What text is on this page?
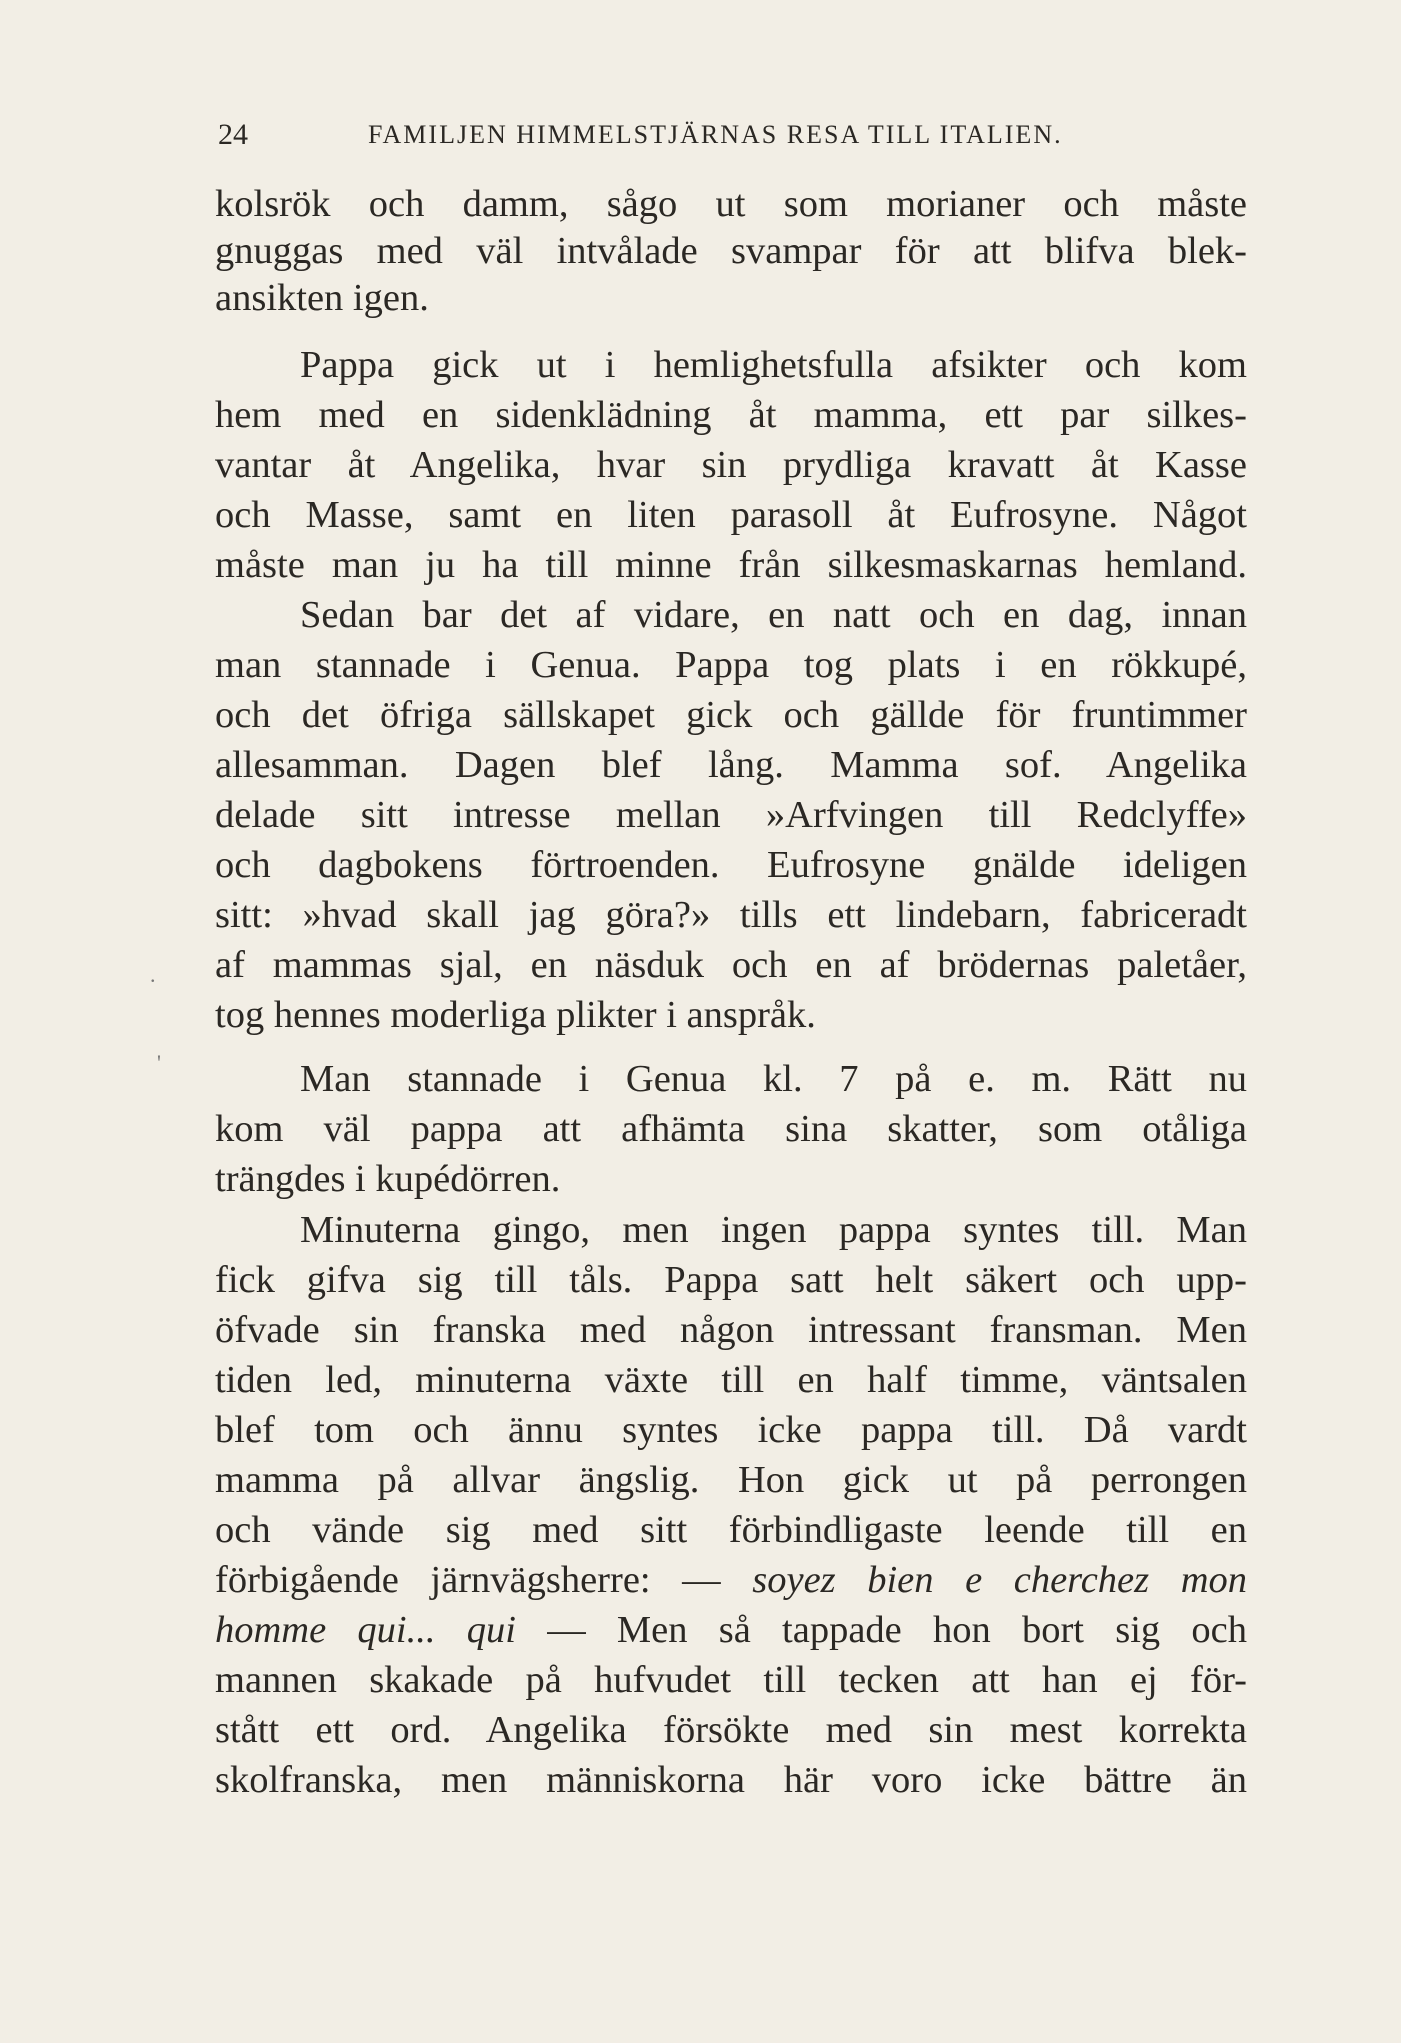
24	FAMILJEN HIMMELSTJÄRNAS RESA TILL ITALIEN.
kolsrök och damm, sågo ut som morianer och måste
gnuggas med väl intvålade svampar för att blifva blek-
ansikten igen.
Pappa gick ut i hemlighetsfulla afsikter och kom
hem med en sidenklädning åt mamma, ett par silkes-
vantar åt Angelika, hvar sin prydliga kravatt åt Kasse
och Masse, samt en liten parasoll åt Eufrosyne. Något
måste man ju ha till minne från silkesmaskarnas hemland.
Sedan bar det af vidare, en natt och en dag, innan
man stannade i Genua. Pappa tog plats i en rökkupé,
och det öfriga sällskapet gick och gällde för fruntimmer
allesamman. Dagen blef lång. Mamma sof. Angelika
delade sitt intresse mellan »Arfvingen till Redclyffe»
och dagbokens förtroenden. Eufrosyne gnälde ideligen
sitt: »hvad skall jag göra?» tills ett lindebarn, fabriceradt
af mammas sjal, en näsduk och en af brödernas paletåer,
tog hennes moderliga plikter i anspråk.
Man stannade i Genua kl. 7 på e. m. Rätt nu
kom väl pappa att afhämta sina skatter, som otåliga
trängdes i kupédörren.
Minuterna gingo, men ingen pappa syntes till. Man
fick gifva sig till tåls. Pappa satt helt säkert och upp-
öfvade sin franska med någon intressant fransman. Men
tiden led, minuterna växte till en half timme, väntsalen
blef tom och ännu syntes icke pappa till. Då vardt
mamma på allvar ängslig. Hon gick ut på perrongen
och vände sig med sitt förbindligaste leende till en
förbigående järnvägsherre: — soyez bien e cherchez mon
homme qui... qui — Men så tappade hon bort sig och
mannen skakade på hufvudet till tecken att han ej för-
stått ett ord. Angelika försökte med sin mest korrekta
skolfranska, men människorna här voro icke bättre än
.
'
